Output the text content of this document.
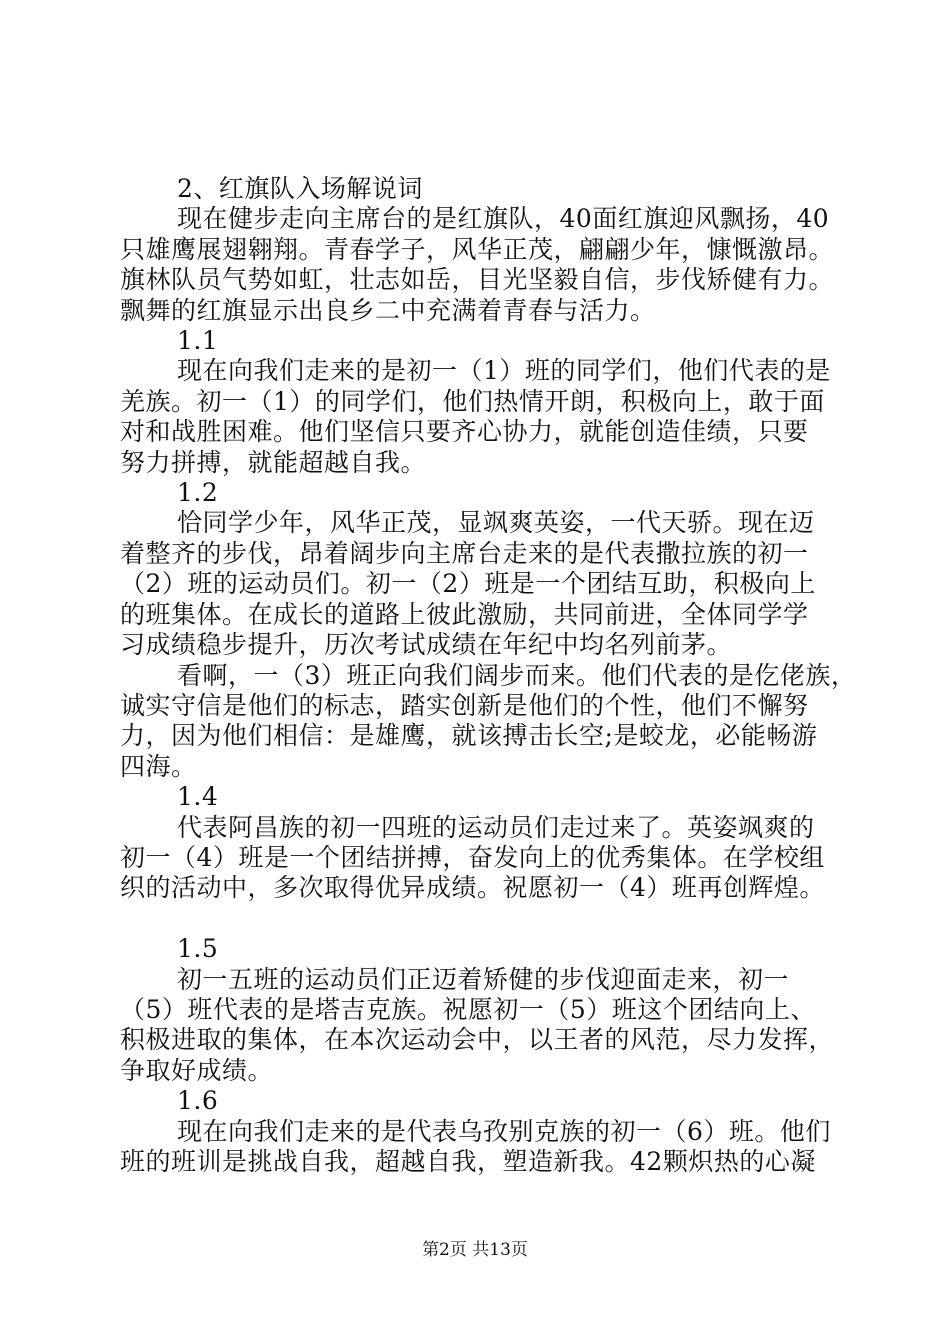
2、红旗队入场解说词
现在健步走向主席台的是红旗队，40面红旗迎风飘扬，40
只雄鹰展翅翱翔。青春学子，风华正茂，翩翩少年，慷慨激昂。
旗林队员气势如虹，壮志如岳，目光坚毅自信，步伐矫健有力。
飘舞的红旗显示出良乡二中充满着青春与活力。
1.1
现在向我们走来的是初一（1）班的同学们，他们代表的是
羌族。初一（1）的同学们，他们热情开朗，积极向上，敢于面
对和战胜困难。他们坚信只要齐心协力，就能创造佳绩，只要
努力拼搏，就能超越自我。
1.2
恰同学少年，风华正茂，显飒爽英姿，一代天骄。现在迈
着整齐的步伐，昂着阔步向主席台走来的是代表撒拉族的初一
（2）班的运动员们。初一（2）班是一个团结互助，积极向上
的班集体。在成长的道路上彼此激励，共同前进，全体同学学
习成绩稳步提升，历次考试成绩在年纪中均名列前茅。
看啊，一（3）班正向我们阔步而来。他们代表的是仡佬族，
诚实守信是他们的标志，踏实创新是他们的个性，他们不懈努
力，因为他们相信：是雄鹰，就该搏击长空;是蛟龙，必能畅游
四海。
1.4
代表阿昌族的初一四班的运动员们走过来了。英姿飒爽的
初一（4）班是一个团结拼搏，奋发向上的优秀集体。在学校组
织的活动中，多次取得优异成绩。祝愿初一（4）班再创辉煌。
1.5
初一五班的运动员们正迈着矫健的步伐迎面走来，初一
（5）班代表的是塔吉克族。祝愿初一（5）班这个团结向上、
积极进取的集体，在本次运动会中，以王者的风范，尽力发挥，
争取好成绩。
1.6
现在向我们走来的是代表乌孜别克族的初一（6）班。他们
班的班训是挑战自我，超越自我，塑造新我。42颗炽热的心凝
第2页 共13页
